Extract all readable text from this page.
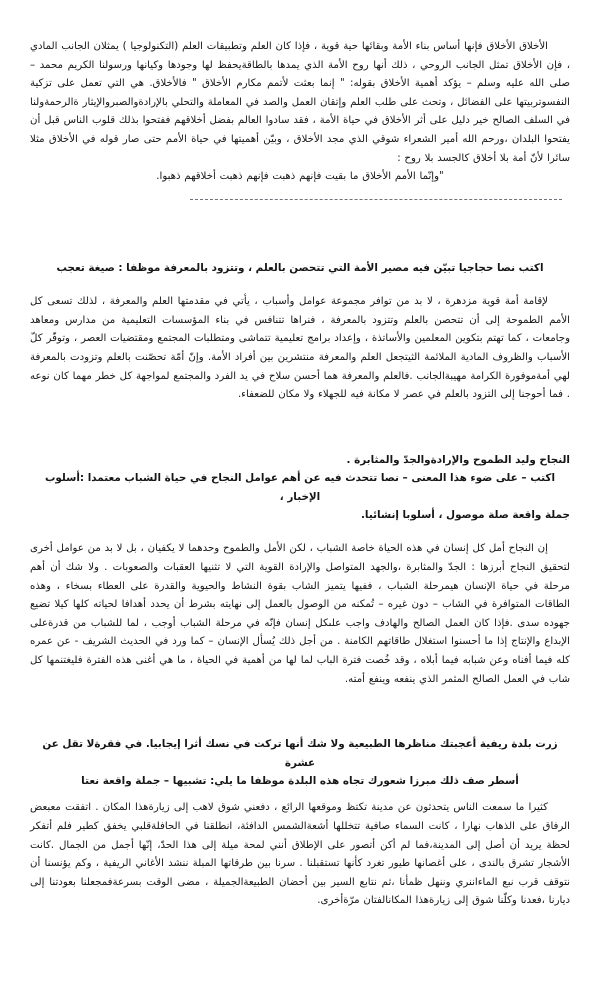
الأخلاق الأخلاق فإنها أساس بناء الأمة وبقائها حية قوية ، فإذا كان العلم وتطبيقات العلم (التكنولوجيا ) يمثلان الجانب المادي ، فإن الأخلاق تمثل الجانب الروحي ، ذلك أنها روح الأمة الذي يمدها بالطاقةيحفظ لها وجودها وكيانها ورسولنا الكريم محمد – صلى الله عليه وسلم – يؤكد أهمية الأخلاق بقوله: " إنما بعثت لأتمم مكارم الأخلاق " فالأخلاق. هي التي تعمل على تزكية النفسوتربيتها على الفضائل ، وتحث على طلب العلم وإتقان العمل والصد في المعاملة والتحلي بالإرادةوالصبروالإيثار ةالرحمةولنا في السلف الصالح خير دليل على أثر الأخلاق في حياة الأمة ، فقد سادوا العالم بفضل أخلاقهم ففتحوا بذلك قلوب الناس قبل أن يفتحوا البلدان ،ورحم الله أمير الشعراء شوقي الذي مجد الأخلاق ، وبيّن أهميتها في حياة الأمم حتى صار قوله في الأخلاق مثلا سائرا لأنّ أمة بلا أخلاق كالجسد بلا روح :

"وإنّما الأمم الأخلاق ما بقيت فإنهم ذهبت فإنهم ذهبت أخلاقهم ذهبوا.

اكتب نصا حجاجيا تبيّن فيه مصير الأمة التي تتحصن بالعلم ، وتتزود بالمعرفة موظفا : صيغة تعجب

لإقامة أمة قوية مزدهرة ، لا بد من توافر مجموعة عوامل وأسباب ، يأتي في مقدمتها العلم والمعرفة ، لذلك تسعى كل الأمم الطموحة إلى أن تتحصن بالعلم وتتزود بالمعرفة ، فنراها تتنافس في بناء المؤسسات التعليمية من مدارس ومعاهد وجامعات ، كما تهتم بتكوين المعلمين والأساتذة ، وإعداد برامج تعليمية تتماشى ومتطلبات المجتمع ومقتضيات العصر ، وتوفّر كلّ الأسباب والظروف المادية الملائمة الثيتجعل العلم والمعرفة منتشرين بين أفراد الأمة. وإنّ أمّة تحصّنت بالعلم وتزودت بالمعرفة لهي أمةموفورة الكرامة مهيبةالجانب .فالعلم والمعرفة هما أحسن سلاح في يد الفرد والمجتمع لمواجهة كل خطر مهما كان نوعه . فما أحوجنا إلى التزود بالعلم في عصر لا مكانة فيه للجهلاء ولا مكان للضعفاء.

النجاح وليد الطموح والإرادةوالجدّ والمثابرة .

اكتب – على ضوء هذا المعنى – نصا تتحدث فيه عن أهم عوامل النجاح في حياة الشباب معتمدا :أسلوب الإخبار ،

جملة واقعة صلة موصول ، أسلوبا إنشائيا.

إن النجاح أمل كل إنسان في هذه الحياة خاصة الشباب ، لكن الأمل والطموح وحدهما لا يكفيان ، بل لا بد من عوامل أخرى لتحقيق النجاح أبرزها : الجدّ والمثابرة ،والجهد المتواصل والإرادة القوية التي لا تثنيها العقبات والصعوبات . ولا شك أن أهم مرحلة في حياة الإنسان هيمرحلة الشباب ، ففيها يتميز الشاب بقوة النشاط والحيوية والقدرة على العطاء بسخاء ، وهذه الطاقات المتوافرة في الشاب – دون غيره – تُمكنه من الوصول بالعمل إلى نهايته بشرط أن يحدد أهدافا لحياته كلها كيلا تضيع جهوده سدى .فإذا كان العمل الصالح والهادف واجب علىكل إنسان فإنّه في مرحلة الشباب أوجب ، لما للشباب من قدرةعلى الإبداع والإنتاج إذا ما أحسنوا استغلال طاقاتهم الكامنة . من أجل ذلك يُسأل الإنسان – كما ورد في الحديث الشريف - عن عمره كله فيما أفناه وعن شبابه فيما أبلاه ، وقد خُصت فترة الباب لما لها من أهمية في الحياة ، ما هي أغنى هذه الفترة فليغتنمها كل شاب في العمل الصالح المثمر الذي ينفعه وينفع أمته.

زرت بلدة ريفية أعجبتك مناظرها الطبيعية ولا شك أنها تركت في نسك أثرا إيجابيا. في فقرةلا تقل عن عشرة

أسطر صف ذلك مبرزا شعورك تجاه هذه البلدة موظفا ما يلي: تشبيها – جملة واقعة نعتا

كثيرا ما سمعت الناس يتحدثون عن مدينة تكتظ وموقعها الرائع ، دفعني شوق لاهب إلى زيارةهذا المكان . اتفقت معبعض الرفاق على الذهاب نهارا ، كانت السماء صافية تتخللها أشعةالشمس الدافئة، انطلقنا في الحافلةقلبي يخفق كطير فلم أتفكر لحظة يريد أن أصل إلى المدينة،فما لم أكن أتصور على الإطلاق أنني لمحة ميلة إلى هذا الحدّ، إنّها أجمل من الجمال .كانت الأشجار تشرق بالندى ، على أغصانها طيور تغرد كأنها تستقبلنا . سرنا بين طرقاتها المبلة ننشد الأغاني الريفية ، وكم يؤنسنا أن نتوقف قرب نبع الماءاننري وننهل ظمأنا ،ثم نتابع السير بين أحضان الطبيعةالجميلة ، مضى الوقت بسرعةفمجعلنا بعودتنا إلى ديارنا ،فعدنا وكلّنا شوق إلى زيارةهذا المكانالفتان مرّةأخرى.
